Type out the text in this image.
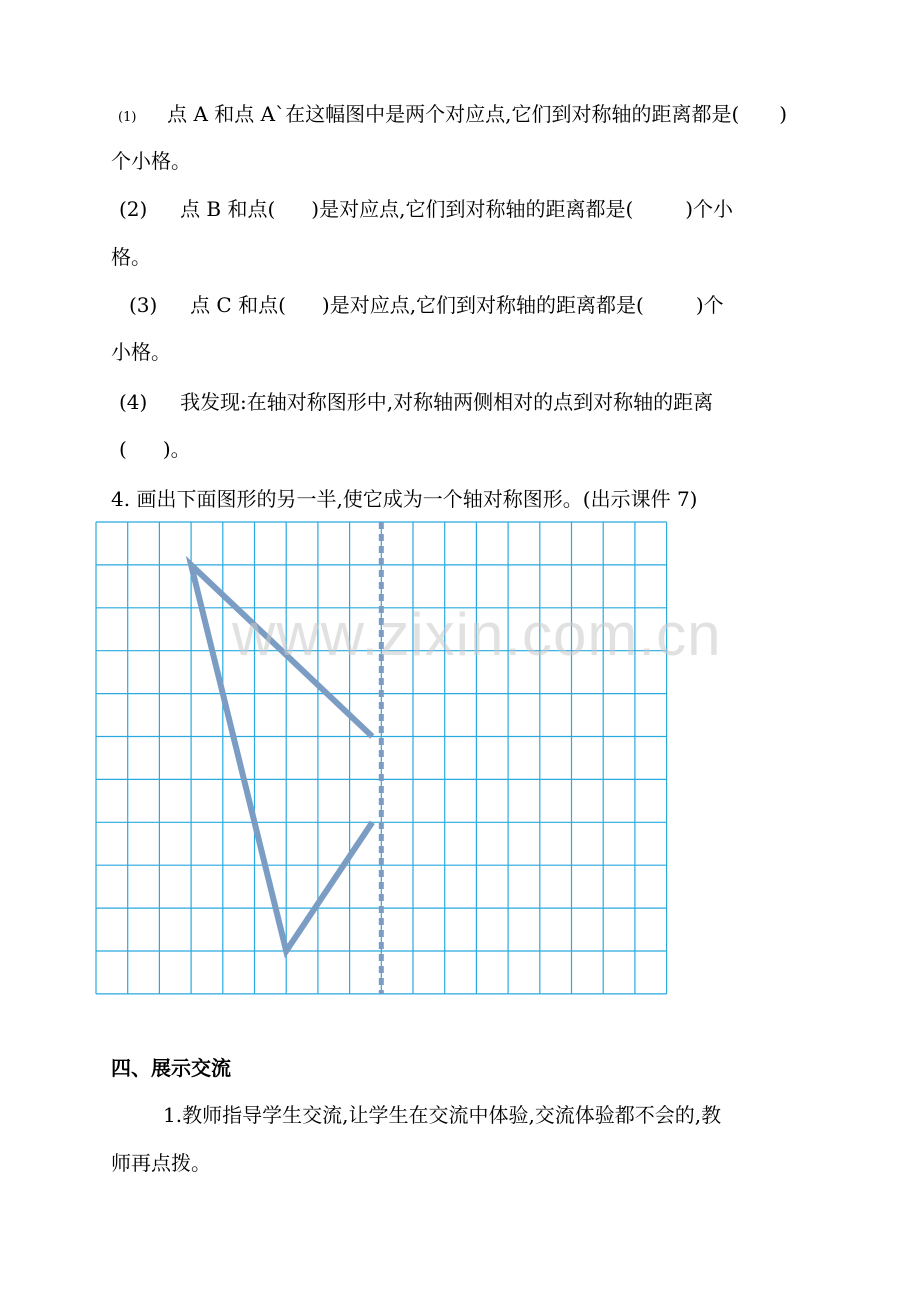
(1) 点 A 和点 A`在这幅图中是两个对应点,它们到对称轴的距离都是( )
个小格。
(2) 点 B 和点( )是对应点,它们到对称轴的距离都是(	)个小
格。
(3) 点 C 和点( )是对应点,它们到对称轴的距离都是(	)个
小格。
(4) 我发现:在轴对称图形中,对称轴两侧相对的点到对称轴的距离
( )。
4. 画出下面图形的另一半,使它成为一个轴对称图形。(出示课件 7)
www.zixin.com.cn
四、展示交流
1.教师指导学生交流,让学生在交流中体验,交流体验都不会的,教
师再点拨。
